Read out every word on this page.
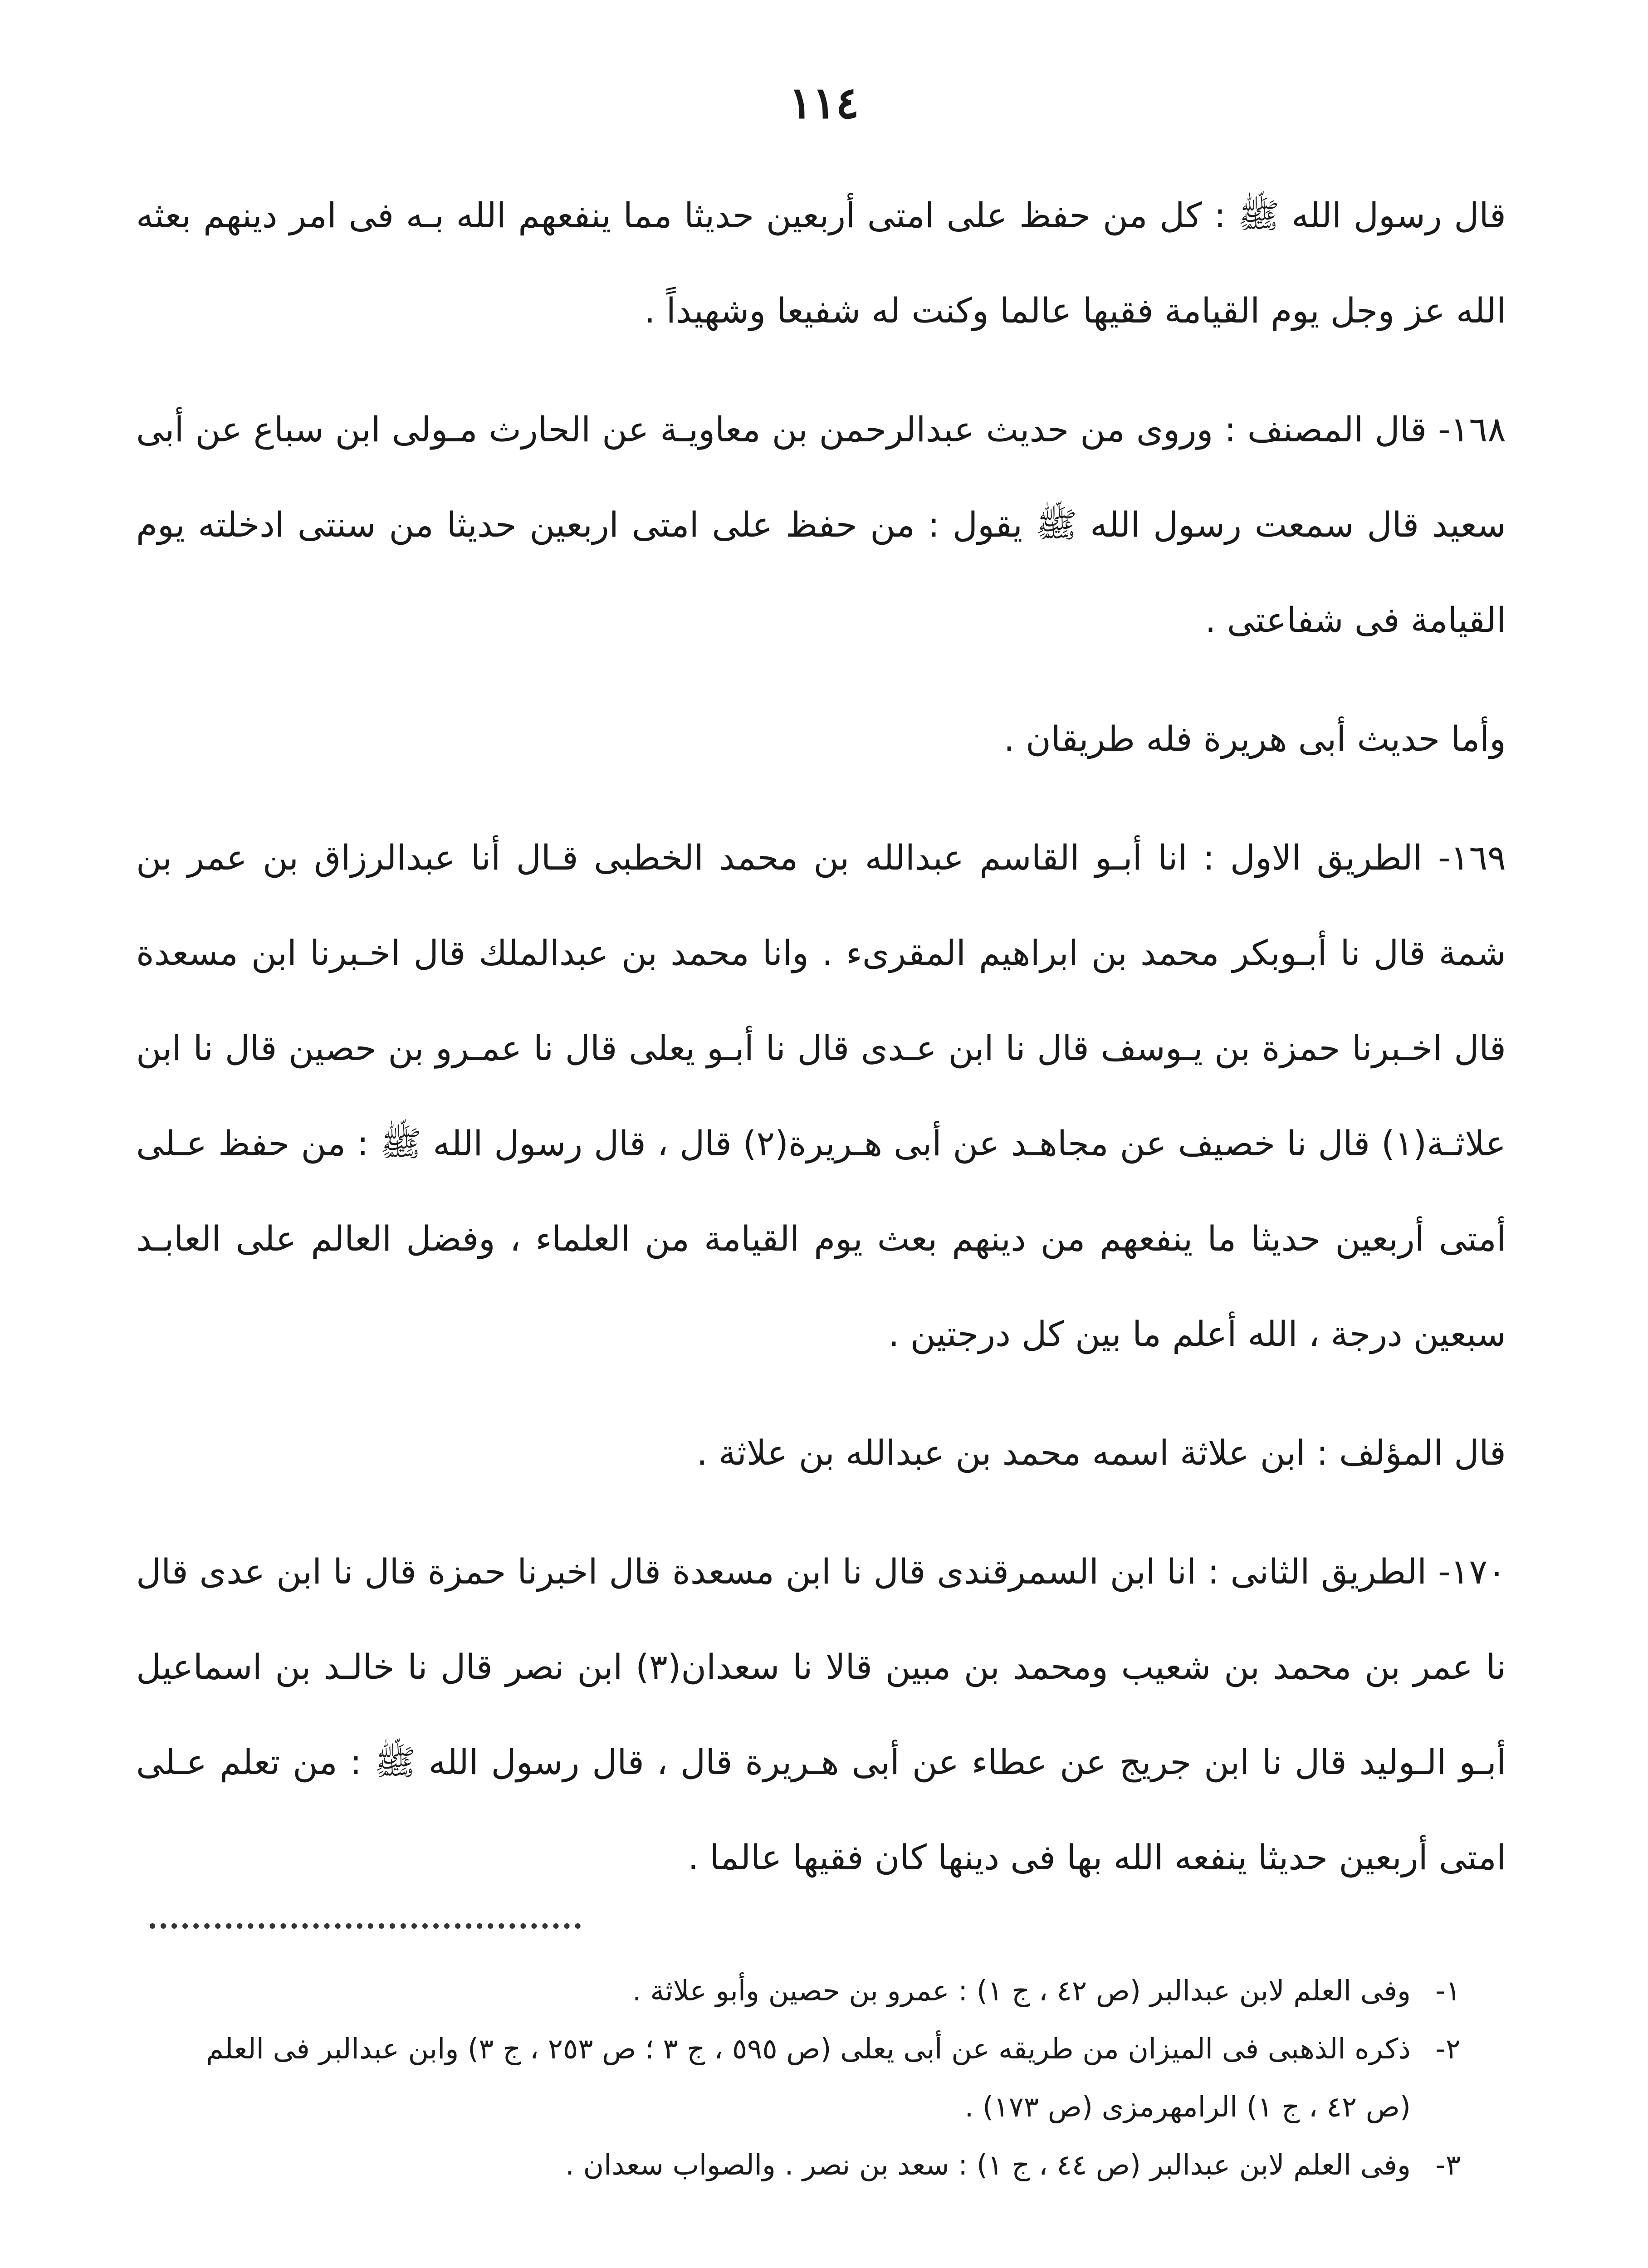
١١٤

قال رسول الله ﷺ : كل من حفظ على امتى أربعين حديثا مما ينفعهم الله بـه فى امر دينهم بعثه الله عز وجل يوم القيامة فقيها عالما وكنت له شفيعا وشهيداً .

١٦٨- قال المصنف : وروى من حديث عبدالرحمن بن معاويـة عن الحارث مـولى ابن سباع عن أبى سعيد قال سمعت رسول الله ﷺ يقول : من حفظ على امتى اربعين حديثا من سنتى ادخلته يوم القيامة فى شفاعتى .

وأما حديث أبى هريرة فله طريقان .

١٦٩- الطريق الاول : انا أبـو القاسم عبدالله بن محمد الخطبى قـال أنا عبدالرزاق بن عمر بن شمة قال نا أبـوبكر محمد بن ابراهيم المقرىء . وانا محمد بن عبدالملك قال اخـبرنا ابن مسعدة قال اخـبرنا حمزة بن يـوسف قال نا ابن عـدى قال نا أبـو يعلى قال نا عمـرو بن حصين قال نا ابن علاثـة(١) قال نا خصيف عن مجاهـد عن أبى هـريرة(٢) قال ، قال رسول الله ﷺ : من حفظ عـلى أمتى أربعين حديثا ما ينفعهم من دينهم بعث يوم القيامة من العلماء ، وفضل العالم على العابـد سبعين درجة ، الله أعلم ما بين كل درجتين .

قال المؤلف : ابن علاثة اسمه محمد بن عبدالله بن علاثة .

١٧٠- الطريق الثانى : انا ابن السمرقندى قال نا ابن مسعدة قال اخبرنا حمزة قال نا ابن عدى قال نا عمر بن محمد بن شعيب ومحمد بن مبين قالا نا سعدان(٣) ابن نصر قال نا خالـد بن اسماعيل أبـو الـوليد قال نا ابن جريج عن عطاء عن أبى هـريرة قال ، قال رسول الله ﷺ : من تعلم عـلى امتى أربعين حديثا ينفعه الله بها فى دينها كان فقيها عالما .

١-
وفى العلم لابن عبدالبر (ص ٤٢ ، ج ١) : عمرو بن حصين وأبو علاثة .
٢-
ذكره الذهبى فى الميزان من طريقه عن أبى يعلى (ص ٥٩٥ ، ج ٣ ؛ ص ٢٥٣ ، ج ٣) وابن عبدالبر فى العلم (ص ٤٢ ، ج ١) الرامهرمزى (ص ١٧٣) .
٣-
وفى العلم لابن عبدالبر (ص ٤٤ ، ج ١) : سعد بن نصر . والصواب سعدان .
